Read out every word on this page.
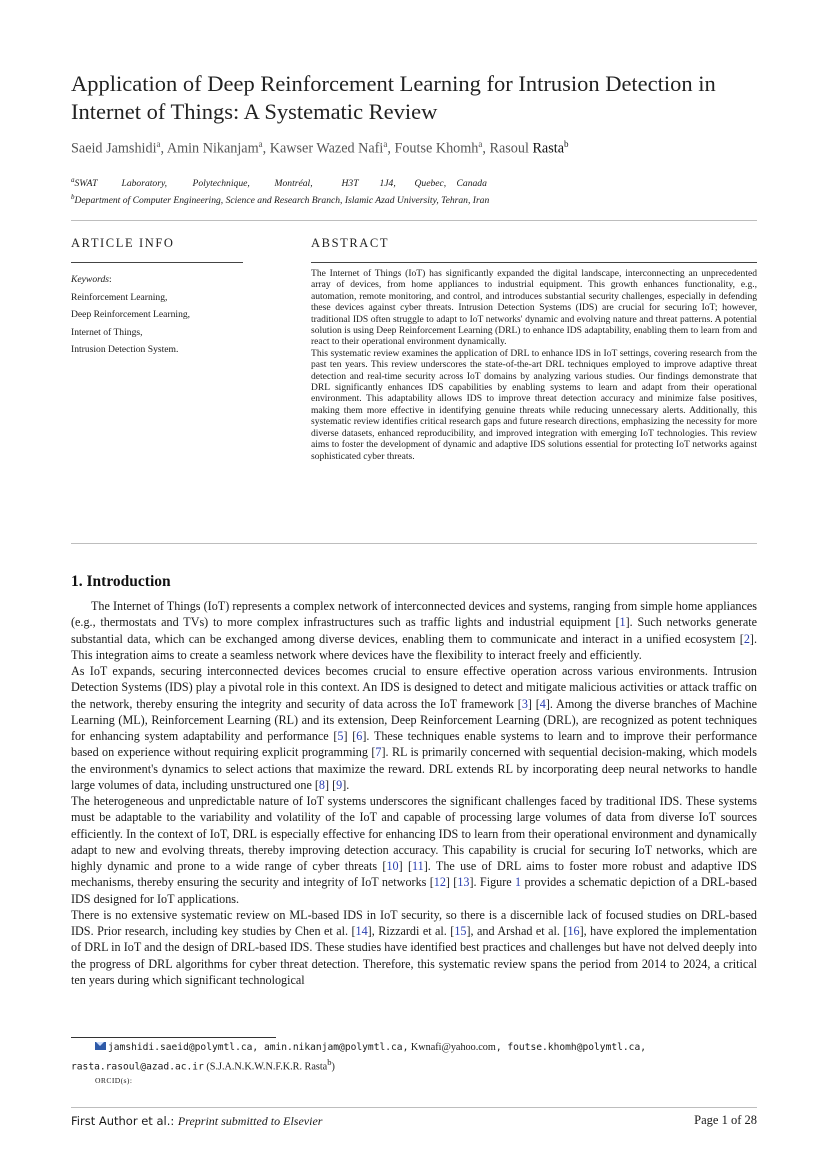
Application of Deep Reinforcement Learning for Intrusion Detection in Internet of Things: A Systematic Review
Saeid Jamshidi$^a$, Amin Nikanjam$^a$, Kawser Wazed Nafi$^a$, Foutse Khomh$^a$, Rasoul Rasta$^b$
$^a$SWAT	Laboratory,	Polytechnique,	Montréal,	H3T 1J4, Quebec, Canada
$^b$Department of Computer Engineering, Science and Research Branch, Islamic Azad University, Tehran, Iran
ARTICLE INFO	ABSTRACT
Keywords:
Reinforcement Learning,
Deep Reinforcement Learning,
Internet of Things,
Intrusion Detection System.

The Internet of Things (IoT) has significantly expanded the digital landscape, interconnecting an unprecedented array of devices, from home appliances to industrial equipment. This growth enhances functionality, e.g., automation, remote monitoring, and control, and introduces substantial security challenges, especially in defending these devices against cyber threats. Intrusion Detection Systems (IDS) are crucial for securing IoT; however, traditional IDS often struggle to adapt to IoT networks' dynamic and evolving nature and threat patterns. A potential solution is using Deep Reinforcement Learning (DRL) to enhance IDS adaptability, enabling them to learn from and react to their operational environment dynamically.

This systematic review examines the application of DRL to enhance IDS in IoT settings, covering research from the past ten years. This review underscores the state-of-the-art DRL techniques employed to improve adaptive threat detection and real-time security across IoT domains by analyzing various studies. Our findings demonstrate that DRL significantly enhances IDS capabilities by enabling systems to learn and adapt from their operational environment. This adaptability allows IDS to improve threat detection accuracy and minimize false positives, making them more effective in identifying genuine threats while reducing unnecessary alerts. Additionally, this systematic review identifies critical research gaps and future research directions, emphasizing the necessity for more diverse datasets, enhanced reproducibility, and improved integration with emerging IoT technologies. This review aims to foster the development of dynamic and adaptive IDS solutions essential for protecting IoT networks against sophisticated cyber threats.

1. Introduction

The Internet of Things (IoT) represents a complex network of interconnected devices and systems, ranging from simple home appliances (e.g., thermostats and TVs) to more complex infrastructures such as traffic lights and industrial equipment [1]. Such networks generate substantial data, which can be exchanged among diverse devices, enabling them to communicate and interact in a unified ecosystem [2]. This integration aims to create a seamless network where devices have the flexibility to interact freely and efficiently.

As IoT expands, securing interconnected devices becomes crucial to ensure effective operation across various environments. Intrusion Detection Systems (IDS) play a pivotal role in this context. An IDS is designed to detect and mitigate malicious activities or attack traffic on the network, thereby ensuring the integrity and security of data across the IoT framework [3] [4]. Among the diverse branches of Machine Learning (ML), Reinforcement Learning (RL) and its extension, Deep Reinforcement Learning (DRL), are recognized as potent techniques for enhancing system adaptability and performance [5] [6]. These techniques enable systems to learn and to improve their performance based on experience without requiring explicit programming [7]. RL is primarily concerned with sequential decision-making, which models the environment's dynamics to select actions that maximize the reward. DRL extends RL by incorporating deep neural networks to handle large volumes of data, including unstructured one [8] [9].

The heterogeneous and unpredictable nature of IoT systems underscores the significant challenges faced by traditional IDS. These systems must be adaptable to the variability and volatility of the IoT and capable of processing large volumes of data from diverse IoT sources efficiently. In the context of IoT, DRL is especially effective for enhancing IDS to learn from their operational environment and dynamically adapt to new and evolving threats, thereby improving detection accuracy. This capability is crucial for securing IoT networks, which are highly dynamic and prone to a wide range of cyber threats [10] [11]. The use of DRL aims to foster more robust and adaptive IDS mechanisms, thereby ensuring the security and integrity of IoT networks [12] [13]. Figure 1 provides a schematic depiction of a DRL-based IDS designed for IoT applications.

There is no extensive systematic review on ML-based IDS in IoT security, so there is a discernible lack of focused studies on DRL-based IDS. Prior research, including key studies by Chen et al. [14], Rizzardi et al. [15], and Arshad et al. [16], have explored the implementation of DRL in IoT and the design of DRL-based IDS. These studies have identified best practices and challenges but have not delved deeply into the progress of DRL algorithms for cyber threat detection. Therefore, this systematic review spans the period from 2014 to 2024, a critical ten years during which significant technological

jamshidi.saeid@polymtl.ca, amin.nikanjam@polymtl.ca, Kwnafi@yahoo.com, foutse.khomh@polymtl.ca,
rasta.rasoul@azad.ac.ir (S.J.A.N.K.W.N.F.K.R. Rasta$^b$)
ORCID(s):
First Author et al.: Preprint submitted to Elsevier	Page 1 of 28
